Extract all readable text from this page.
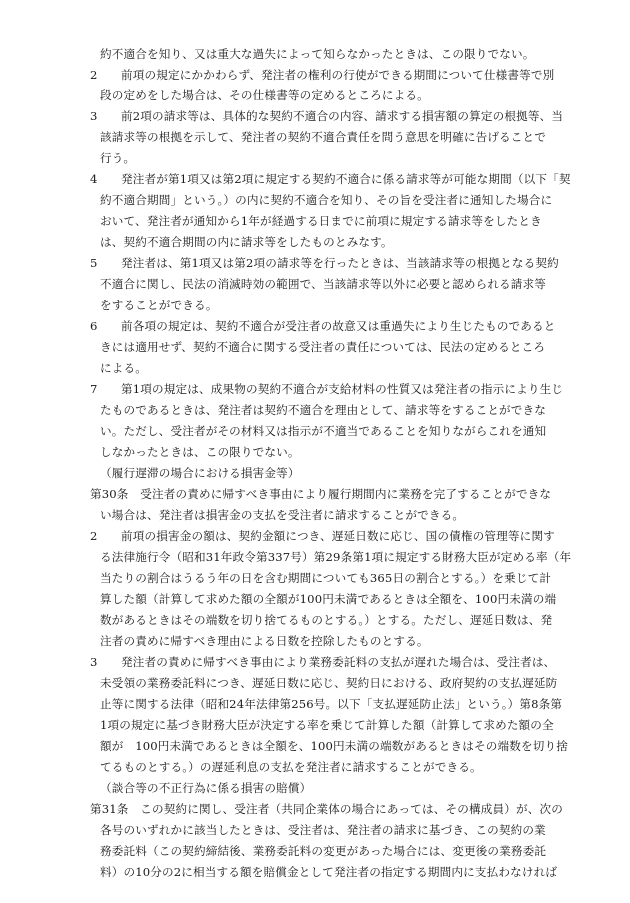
約不適合を知り、又は重大な過失によって知らなかったときは、この限りでない。
2　　前項の規定にかかわらず、発注者の権利の行使ができる期間について仕様書等で別
段の定めをした場合は、その仕様書等の定めるところによる。
3　　前2項の請求等は、具体的な契約不適合の内容、請求する損害額の算定の根拠等、当
該請求等の根拠を示して、発注者の契約不適合責任を問う意思を明確に告げることで
行う。
4　　発注者が第1項又は第2項に規定する契約不適合に係る請求等が可能な期間（以下「契
約不適合期間」という。）の内に契約不適合を知り、その旨を受注者に通知した場合に
おいて、発注者が通知から1年が経過する日までに前項に規定する請求等をしたとき
は、契約不適合期間の内に請求等をしたものとみなす。
5　　発注者は、第1項又は第2項の請求等を行ったときは、当該請求等の根拠となる契約
不適合に関し、民法の消滅時効の範囲で、当該請求等以外に必要と認められる請求等
をすることができる。
6　　前各項の規定は、契約不適合が受注者の故意又は重過失により生じたものであると
きには適用せず、契約不適合に関する受注者の責任については、民法の定めるところ
による。
7　　第1項の規定は、成果物の契約不適合が支給材料の性質又は発注者の指示により生じ
たものであるときは、発注者は契約不適合を理由として、請求等をすることができな
い。ただし、受注者がその材料又は指示が不適当であることを知りながらこれを通知
しなかったときは、この限りでない。
（履行遅滞の場合における損害金等）
第30条　受注者の責めに帰すべき事由により履行期間内に業務を完了することができな
い場合は、発注者は損害金の支払を受注者に請求することができる。
2　　前項の損害金の額は、契約金額につき、遅延日数に応じ、国の債権の管理等に関す
る法律施行令（昭和31年政令第337号）第29条第1項に規定する財務大臣が定める率（年
当たりの割合はうるう年の日を含む期間についても365日の割合とする。）を乗じて計
算した額（計算して求めた額の全額が100円未満であるときは全額を、100円未満の端
数があるときはその端数を切り捨てるものとする。）とする。ただし、遅延日数は、発
注者の責めに帰すべき理由による日数を控除したものとする。
3　　発注者の責めに帰すべき事由により業務委託料の支払が遅れた場合は、受注者は、
未受領の業務委託料につき、遅延日数に応じ、契約日における、政府契約の支払遅延防
止等に関する法律（昭和24年法律第256号。以下「支払遅延防止法」という。）第8条第
1項の規定に基づき財務大臣が決定する率を乗じて計算した額（計算して求めた額の全
額が　100円未満であるときは全額を、100円未満の端数があるときはその端数を切り捨
てるものとする。）の遅延利息の支払を発注者に請求することができる。
（談合等の不正行為に係る損害の賠償）
第31条　この契約に関し、受注者（共同企業体の場合にあっては、その構成員）が、次の
各号のいずれかに該当したときは、受注者は、発注者の請求に基づき、この契約の業
務委託料（この契約締結後、業務委託料の変更があった場合には、変更後の業務委託
料）の10分の2に相当する額を賠償金として発注者の指定する期間内に支払わなければ
